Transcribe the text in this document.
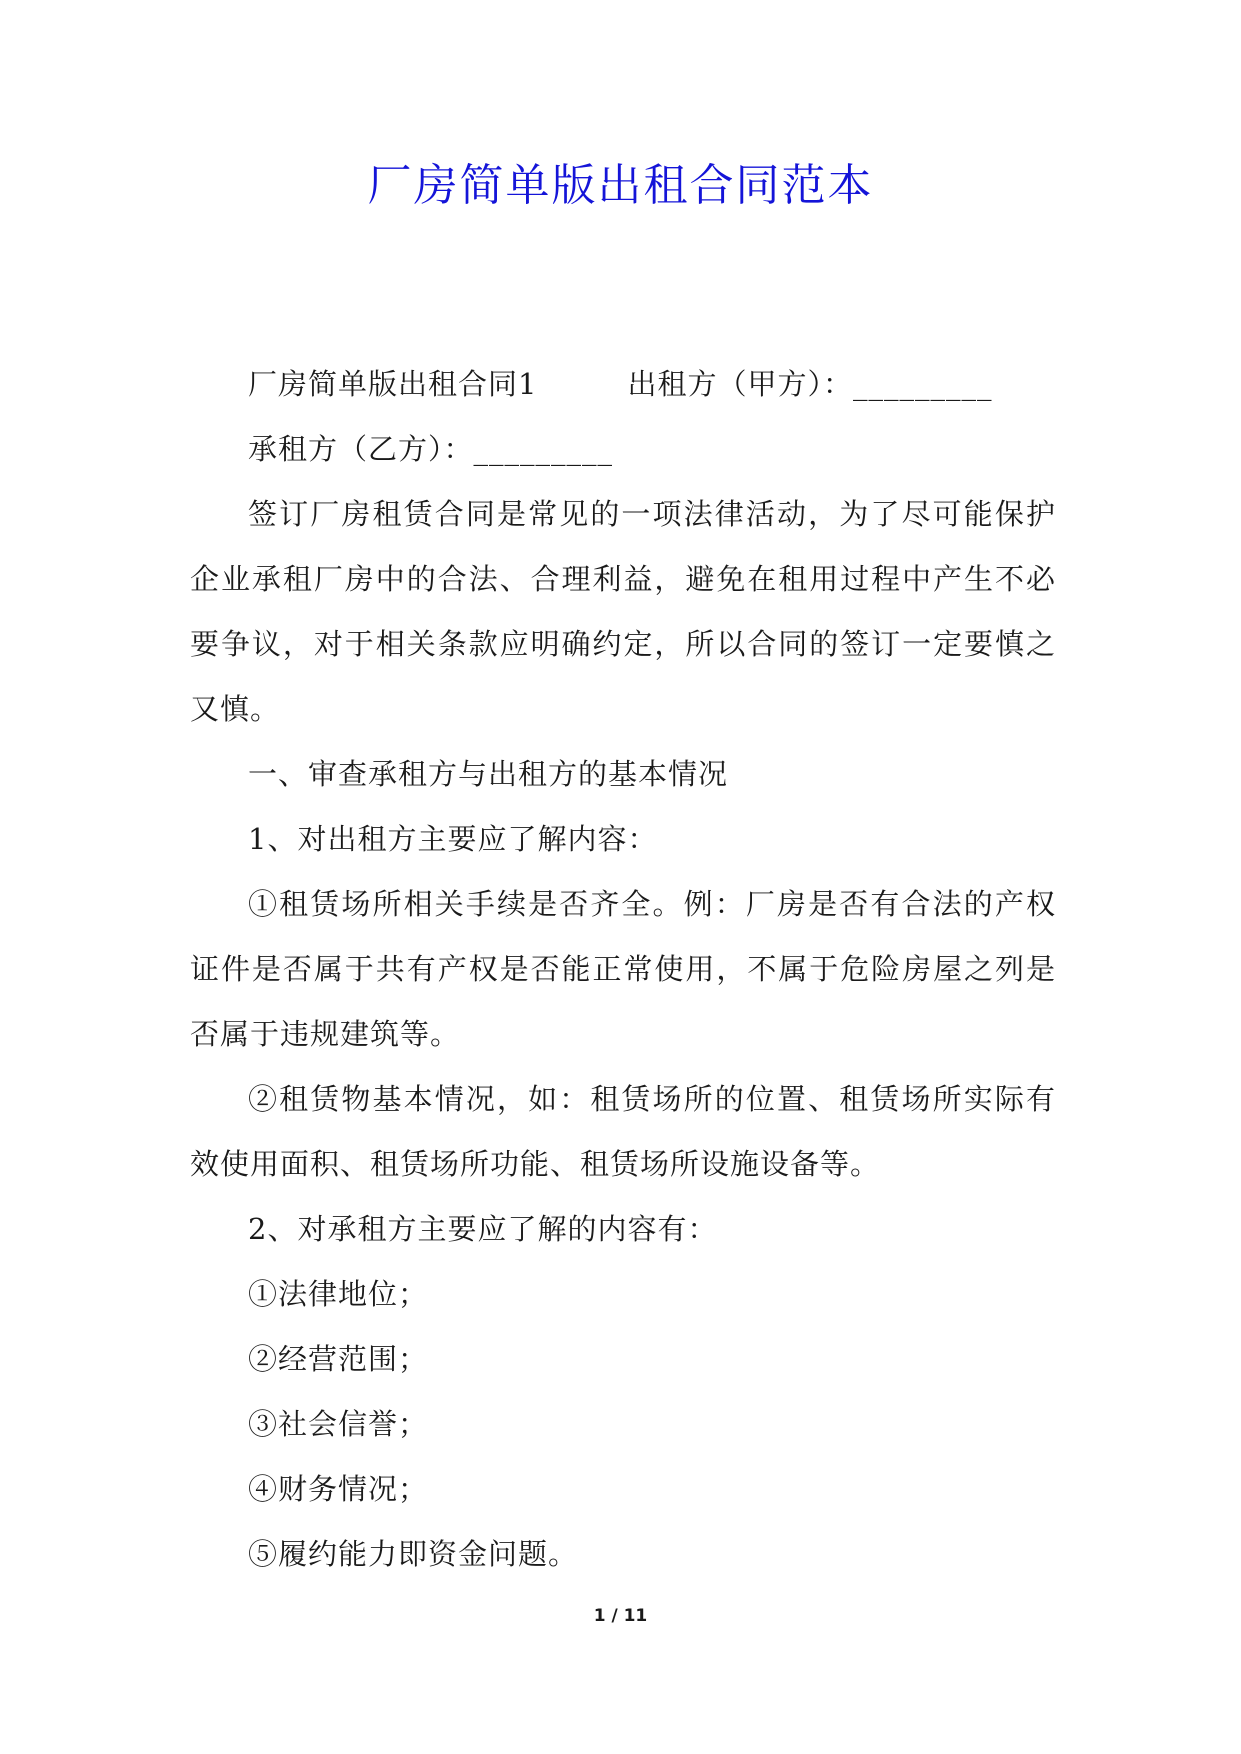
厂房简单版出租合同范本

厂房简单版出租合同1	出租方（甲方）：_________

承租方（乙方）：_________

签订厂房租赁合同是常见的一项法律活动，为了尽可能保护企业承租厂房中的合法、合理利益，避免在租用过程中产生不必要争议，对于相关条款应明确约定，所以合同的签订一定要慎之又慎。

一、审查承租方与出租方的基本情况

1、对出租方主要应了解内容：

①租赁场所相关手续是否齐全。例：厂房是否有合法的产权证件是否属于共有产权是否能正常使用，不属于危险房屋之列是否属于违规建筑等。

②租赁物基本情况，如：租赁场所的位置、租赁场所实际有效使用面积、租赁场所功能、租赁场所设施设备等。

2、对承租方主要应了解的内容有：

①法律地位；

②经营范围；

③社会信誉；

④财务情况；

⑤履约能力即资金问题。

1 / 11
